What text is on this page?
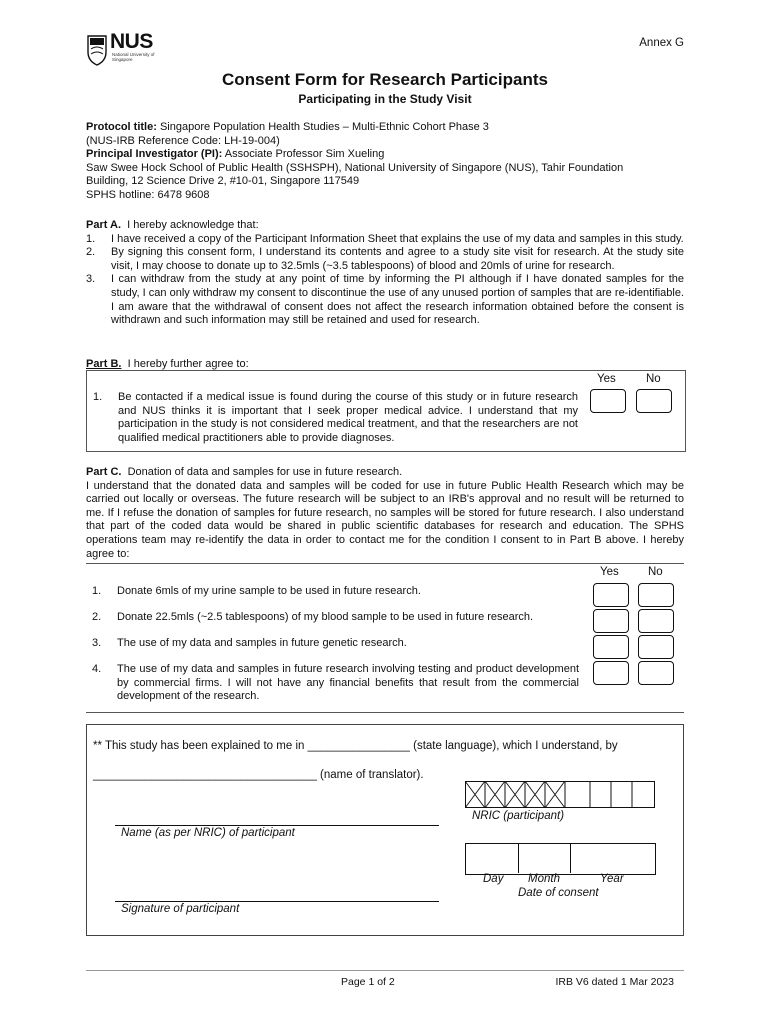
NUS
National University of Singapore
Annex G
Consent Form for Research Participants
Participating in the Study Visit
Protocol title: Singapore Population Health Studies – Multi-Ethnic Cohort Phase 3
(NUS-IRB Reference Code: LH-19-004)
Principal Investigator (PI): Associate Professor Sim Xueling
Saw Swee Hock School of Public Health (SSHSPH), National University of Singapore (NUS), Tahir Foundation
Building, 12 Science Drive 2, #10-01, Singapore 117549
SPHS hotline: 6478 9608

Part A. I hereby acknowledge that:

1. I have received a copy of the Participant Information Sheet that explains the use of my data and samples in this study.
2. By signing this consent form, I understand its contents and agree to a study site visit for research. At the study site visit, I may choose to donate up to 32.5mls (~3.5 tablespoons) of blood and 20mls of urine for research.
3. I can withdraw from the study at any point of time by informing the PI although if I have donated samples for the study, I can only withdraw my consent to discontinue the use of any unused portion of samples that are re-identifiable. I am aware that the withdrawal of consent does not affect the research information obtained before the consent is withdrawn and such information may still be retained and used for research.
Part B. I hereby further agree to:
Yes	No
1. Be contacted if a medical issue is found during the course of this study or in future research and NUS thinks it is important that I seek proper medical advice. I understand that my participation in the study is not considered medical treatment, and that the researchers are not qualified medical practitioners able to provide diagnoses.

Part C. Donation of data and samples for use in future research.

I understand that the donated data and samples will be coded for use in future Public Health Research which may be carried out locally or overseas. The future research will be subject to an IRB's approval and no result will be returned to me. If I refuse the donation of samples for future research, no samples will be stored for future research. I also understand that part of the coded data would be shared in public scientific databases for research and education. The SPHS operations team may re-identify the data in order to contact me for the condition I consent to in Part B above. I hereby agree to:

Yes	No
1. Donate 6mls of my urine sample to be used in future research.
2. Donate 22.5mls (~2.5 tablespoons) of my blood sample to be used in future research.
3. The use of my data and samples in future genetic research.
4. The use of my data and samples in future research involving testing and product development by commercial firms. I will not have any financial benefits that result from the commercial development of the research.
** This study has been explained to me in ________________ (state language), which I understand, by
___________________________________ (name of translator).
NRIC (participant)
Name (as per NRIC) of participant
Day Month	Year
Date of consent
Signature of participant
Page 1 of 2	IRB V6 dated 1 Mar 2023
